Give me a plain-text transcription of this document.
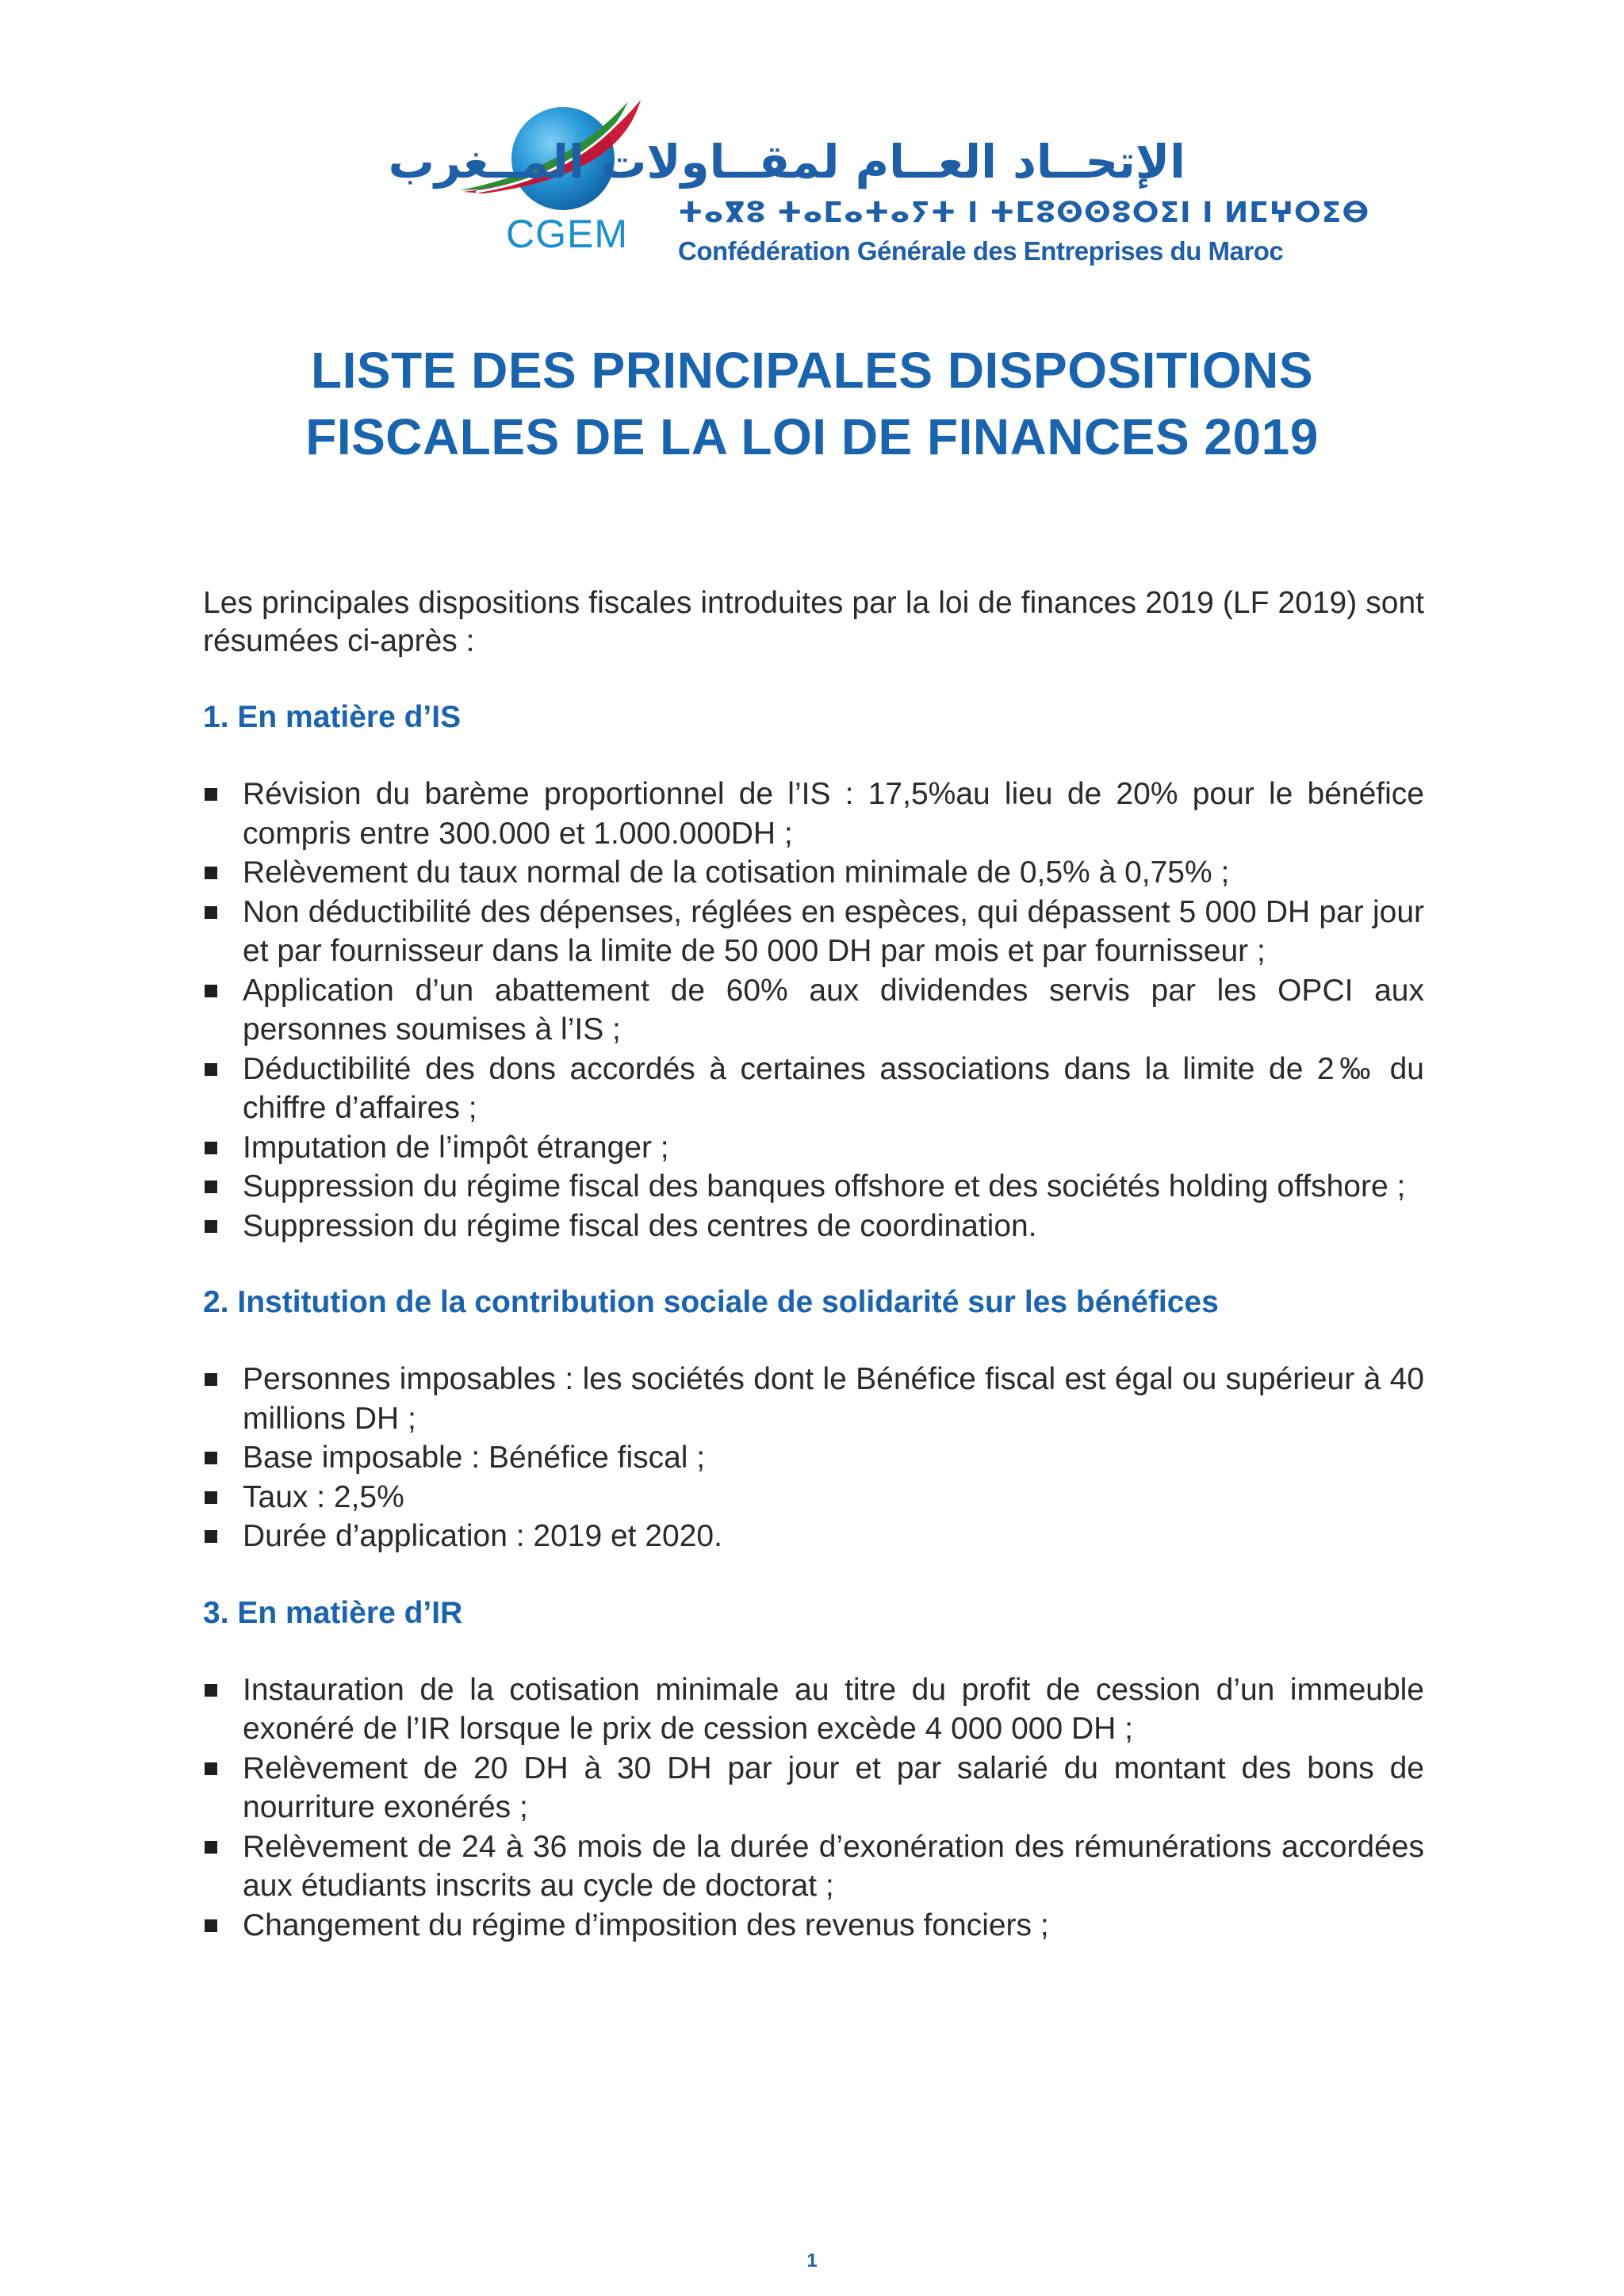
CGEM
الإتحــاد العــام لمقــاولات المــغرب
ⵜⴰⴳⵓ ⵜⴰⵎⴰⵜⴰⵢⵜ ⵏ ⵜⵎⵓⵙⵙⵓⵔⵉⵏ ⵏ ⵍⵎⵖⵔⵉⴱ
Confédération Générale des Entreprises du Maroc
LISTE DES PRINCIPALES DISPOSITIONS
FISCALES DE LA LOI DE FINANCES 2019

Les principales dispositions fiscales introduites par la loi de finances 2019 (LF 2019) sont résumées ci-après :

1. En matière d’IS
Révision du barème proportionnel de l’IS : 17,5%au lieu de 20% pour le bénéfice compris entre 300.000 et 1.000.000DH ;
Relèvement du taux normal de la cotisation minimale de 0,5% à 0,75% ;
Non déductibilité des dépenses, réglées en espèces, qui dépassent 5 000 DH par jour et par fournisseur dans la limite de 50 000 DH par mois et par fournisseur ;
Application d’un abattement de 60% aux dividendes servis par les OPCI aux personnes soumises à l’IS ;
Déductibilité des dons accordés à certaines associations dans la limite de 2‰ du chiffre d’affaires ;
Imputation de l’impôt étranger ;
Suppression du régime fiscal des banques offshore et des sociétés holding offshore ;
Suppression du régime fiscal des centres de coordination.
2. Institution de la contribution sociale de solidarité sur les bénéfices
Personnes imposables : les sociétés dont le Bénéfice fiscal est égal ou supérieur à 40 millions DH ;
Base imposable : Bénéfice fiscal ;
Taux : 2,5%
Durée d’application : 2019 et 2020.
3. En matière d’IR
Instauration de la cotisation minimale au titre du profit de cession d’un immeuble exonéré de l’IR lorsque le prix de cession excède 4 000 000 DH ;
Relèvement de 20 DH à 30 DH par jour et par salarié du montant des bons de nourriture exonérés ;
Relèvement de 24 à 36 mois de la durée d’exonération des rémunérations accordées aux étudiants inscrits au cycle de doctorat ;
Changement du régime d’imposition des revenus fonciers ;
1
